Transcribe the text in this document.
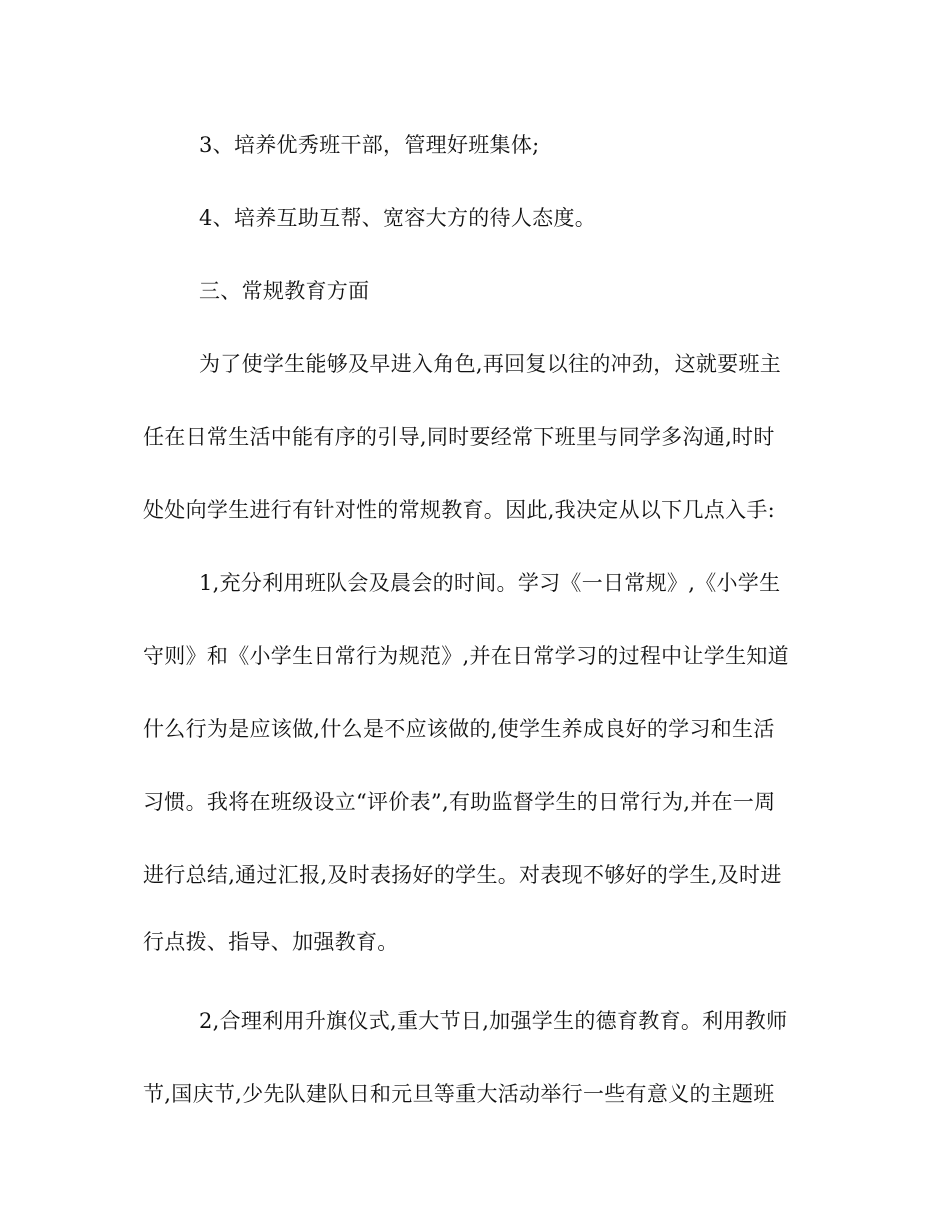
3、培养优秀班干部，管理好班集体;
4、培养互助互帮、宽容大方的待人态度。
三、常规教育方面
为了使学生能够及早进入角色,再回复以往的冲劲，这就要班主
任在日常生活中能有序的引导,同时要经常下班里与同学多沟通,时时
处处向学生进行有针对性的常规教育。因此,我决定从以下几点入手:
1,充分利用班队会及晨会的时间。学习《一日常规》,《小学生
守则》和《小学生日常行为规范》,并在日常学习的过程中让学生知道
什么行为是应该做,什么是不应该做的,使学生养成良好的学习和生活
习惯。我将在班级设立“评价表”,有助监督学生的日常行为,并在一周
进行总结,通过汇报,及时表扬好的学生。对表现不够好的学生,及时进
行点拨、指导、加强教育。
2,合理利用升旗仪式,重大节日,加强学生的德育教育。利用教师
节,国庆节,少先队建队日和元旦等重大活动举行一些有意义的主题班
